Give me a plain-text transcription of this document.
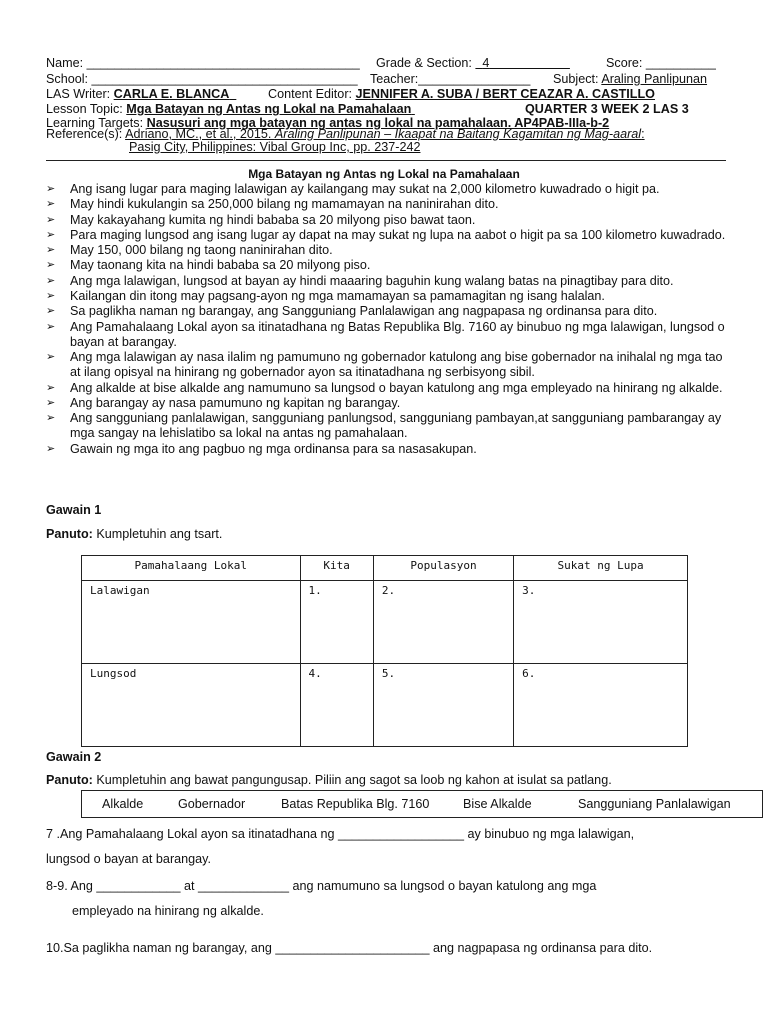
Name: _______________________________________ Grade & Section:   4	Score: __________
School: ______________________________________ Teacher:________________ Subject: Araling Panlipunan
LAS Writer: CARLA E. BLANCA	Content Editor: JENNIFER A. SUBA / BERT CEAZAR A. CASTILLO
Lesson Topic: Mga Batayan ng Antas ng Lokal na Pamahalaan	QUARTER 3 WEEK 2 LAS 3
Learning Targets: Nasusuri ang mga batayan ng antas ng lokal na pamahalaan. AP4PAB-IIIa-b-2
Reference(s): Adriano, MC., et al., 2015. Araling Panlipunan – Ikaapat na Baitang Kagamitan ng Mag-aaral:
Pasig City, Philippines: Vibal Group Inc, pp. 237-242
Mga Batayan ng Antas ng Lokal na Pamahalaan
➢ Ang isang lugar para maging lalawigan ay kailangang may sukat na 2,000 kilometro kuwadrado o higit pa.
➢ May hindi kukulangin sa 250,000 bilang ng mamamayan na naninirahan dito.
➢ May kakayahang kumita ng hindi bababa sa 20 milyong piso bawat taon.
➢ Para maging lungsod ang isang lugar ay dapat na may sukat ng lupa na aabot o higit pa sa 100 kilometro kuwadrado.
➢ May 150, 000 bilang ng taong naninirahan dito.
➢ May taonang kita na hindi bababa sa 20 milyong piso.
➢ Ang mga lalawigan, lungsod at bayan ay hindi maaaring baguhin kung walang batas na pinagtibay para dito.
➢ Kailangan din itong may pagsang-ayon ng mga mamamayan sa pamamagitan ng isang halalan.
➢ Sa paglikha naman ng barangay, ang Sangguniang Panlalawigan ang nagpapasa ng ordinansa para dito.
➢ Ang Pamahalaang Lokal ayon sa itinatadhana ng Batas Republika Blg. 7160 ay binubuo ng mga lalawigan, lungsod o bayan at barangay.
➢ Ang mga lalawigan ay nasa ilalim ng pamumuno ng gobernador katulong ang bise gobernador na inihalal ng mga tao at ilang opisyal na hinirang ng gobernador ayon sa itinatadhana ng serbisyong sibil.
➢ Ang alkalde at bise alkalde ang namumuno sa lungsod o bayan katulong ang mga empleyado na hinirang ng alkalde.
➢ Ang barangay ay nasa pamumuno ng kapitan ng barangay.
➢ Ang sangguniang panlalawigan, sangguniang panlungsod, sangguniang pambayan,at sangguniang pambarangay ay mga sangay na lehislatibo sa lokal na antas ng pamahalaan.
➢ Gawain ng mga ito ang pagbuo ng mga ordinansa para sa nasasakupan.
Gawain 1
Panuto: Kumpletuhin ang tsart.
Pamahalaang Lokal	Kita	Populasyon	Sukat ng Lupa
Lalawigan	1.	2.	3.
Lungsod	4.	5.	6.
Gawain 2
Panuto: Kumpletuhin ang bawat pangungusap. Piliin ang sagot sa loob ng kahon at isulat sa patlang.
Alkalde	Gobernador	Batas Republika Blg. 7160	Bise Alkalde	Sangguniang Panlalawigan
7 .Ang Pamahalaang Lokal ayon sa itinatadhana ng __________________ ay binubuo ng mga lalawigan,
lungsod o bayan at barangay.
8-9. Ang ____________ at _____________ ang namumuno sa lungsod o bayan katulong ang mga
empleyado na hinirang ng alkalde.
10.Sa paglikha naman ng barangay, ang ______________________ ang nagpapasa ng ordinansa para dito.
